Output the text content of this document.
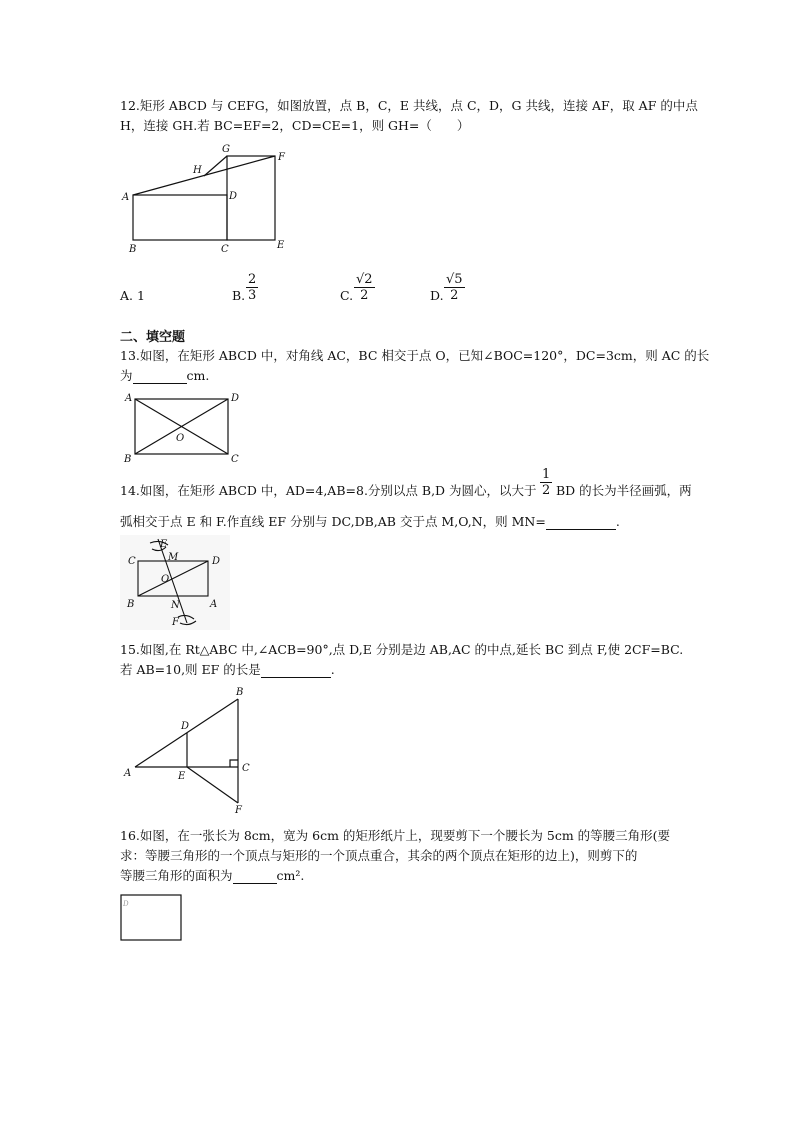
12.矩形 ABCD 与 CEFG，如图放置，点 B，C，E 共线，点 C，D，G 共线，连接 AF，取 AF 的中点
H，连接 GH.若 BC=EF=2，CD=CE=1，则 GH=（　　）
A
B	C
D
E
F
G
H
A. 1	B. $\frac{2}{3}$	C. $\frac{√2}{2}$	D. $\frac{√5}{2}$
二、填空题
13.如图，在矩形 ABCD 中，对角线 AC，BC 相交于点 O，已知∠BOC=120°，DC=3cm，则 AC 的长
为	cm.
A	D
B	C
O
14.如图，在矩形 ABCD 中，AD=4,AB=8.分别以点 B,D 为圆心，以大于 $\frac{1}{2}$ BD 的长为半径画弧，两
弧相交于点 E 和 F.作直线 EF 分别与 DC,DB,AB 交于点 M,O,N，则 MN=	.
C	D
B	A
E
F
M
O
N
15.如图,在 Rt△ABC 中,∠ACB=90°,点 D,E 分别是边 AB,AC 的中点,延长 BC 到点 F,使 2CF=BC.
若 AB=10,则 EF 的长是	.
A
B
C
D
E
F
16.如图，在一张长为 8cm，宽为 6cm 的矩形纸片上，现要剪下一个腰长为 5cm 的等腰三角形(要
求：等腰三角形的一个顶点与矩形的一个顶点重合，其余的两个顶点在矩形的边上)，则剪下的
等腰三角形的面积为	cm².
D
